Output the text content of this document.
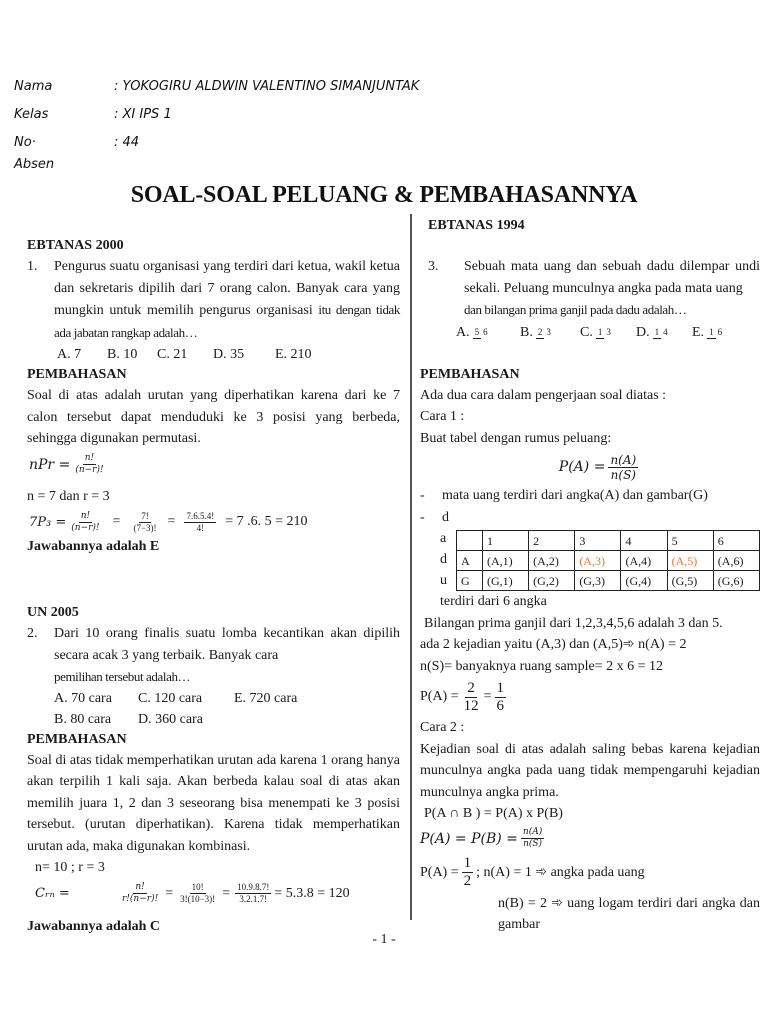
Nama	: YOKOGIRU ALDWIN VALENTINO SIMANJUNTAK
Kelas	: XI IPS 1
No· Absen
: 44
SOAL-SOAL PELUANG & PEMBAHASANNYA
EBTANAS 2000
1. Pengurus suatu organisasi yang terdiri dari ketua, wakil ketua dan sekretaris dipilih dari 7 orang calon. Banyak cara yang mungkin untuk memilih pengurus organisasi itu dengan tidak ada jabatan rangkap adalah…
A. 7	B. 10	C. 21	D. 35	E. 210
PEMBAHASAN
Soal di atas adalah urutan yang diperhatikan karena dari ke 7 calon tersebut dapat menduduki ke 3 posisi yang berbeda, sehingga digunakan permutasi.
nPr = $\frac{n!}{(n-r)!}$
n = 7 dan r = 3
$7P_3 = \frac{n!}{(n-r)!} = \frac{7!}{(7-3)!} = \frac{7.6.5.4!}{4!} = 7$ .6. 5 = 210
Jawabannya adalah E
UN 2005
2. Dari 10 orang finalis suatu lomba kecantikan akan dipilih secara acak 3 yang terbaik. Banyak cara
pemilihan tersebut adalah…
A. 70 cara	C. 120 cara	E. 720 cara
B. 80 cara	D. 360 cara
PEMBAHASAN
Soal di atas tidak memperhatikan urutan ada karena 1 orang hanya akan terpilih 1 kali saja. Akan berbeda kalau soal di atas akan memilih juara 1, 2 dan 3 seseorang bisa menempati ke 3 posisi tersebut. (urutan diperhatikan). Karena tidak memperhatikan urutan ada, maka digunakan kombinasi.
n= 10 ; r = 3
Cᵣₙ =	$\frac{n!}{r!(n-r)!} = \frac{10!}{3!(10-3)!} = \frac{10.9.8.7!}{3.2.1.7!} = 5.3.8 = 120$
Jawabannya adalah C
EBTANAS 1994
3. Sebuah mata uang dan sebuah dadu dilempar undi sekali. Peluang munculnya angka pada mata uang
dan bilangan prima ganjil pada dadu adalah…
A. 5 6	B. 2 3	C. 1 3	D. 1 4	E. 1 6
PEMBAHASAN
Ada dua cara dalam pengerjaan soal diatas :
Cara 1 :
Buat tabel dengan rumus peluang:
$P(A) = \frac{n(A)}{n(S)}$
- mata uang terdiri dari angka(A) dan gambar(G)
- d
a
d
u
	1	2	3	4	5	6
A	(A,1)	(A,2)	(A,3)	(A,4)	(A,5)	(A,6)
G	(G,1)	(G,2)	(G,3)	(G,4)	(G,5)	(G,6)
terdiri dari 6 angka
Bilangan prima ganjil dari 1,2,3,4,5,6 adalah 3 dan 5.
ada 2 kejadian yaitu (A,3) dan (A,5)➾ n(A) = 2
n(S)= banyaknya ruang sample= 2 x 6 = 12
$P(A) = \frac{2}{12} = \frac{1}{6}$
Cara 2 :
Kejadian soal di atas adalah saling bebas karena kejadian munculnya angka pada uang tidak mempengaruhi kejadian munculnya angka prima.
P(A ∩ B ) = P(A) x P(B)
$P(A) = P(B) = \frac{n(A)}{n(S)}$
$P(A) = \frac{1}{2}$ ; n(A) = 1 ➾ angka pada uang
n(B) = 2 ➾ uang logam terdiri dari angka dan gambar
- 1 -
